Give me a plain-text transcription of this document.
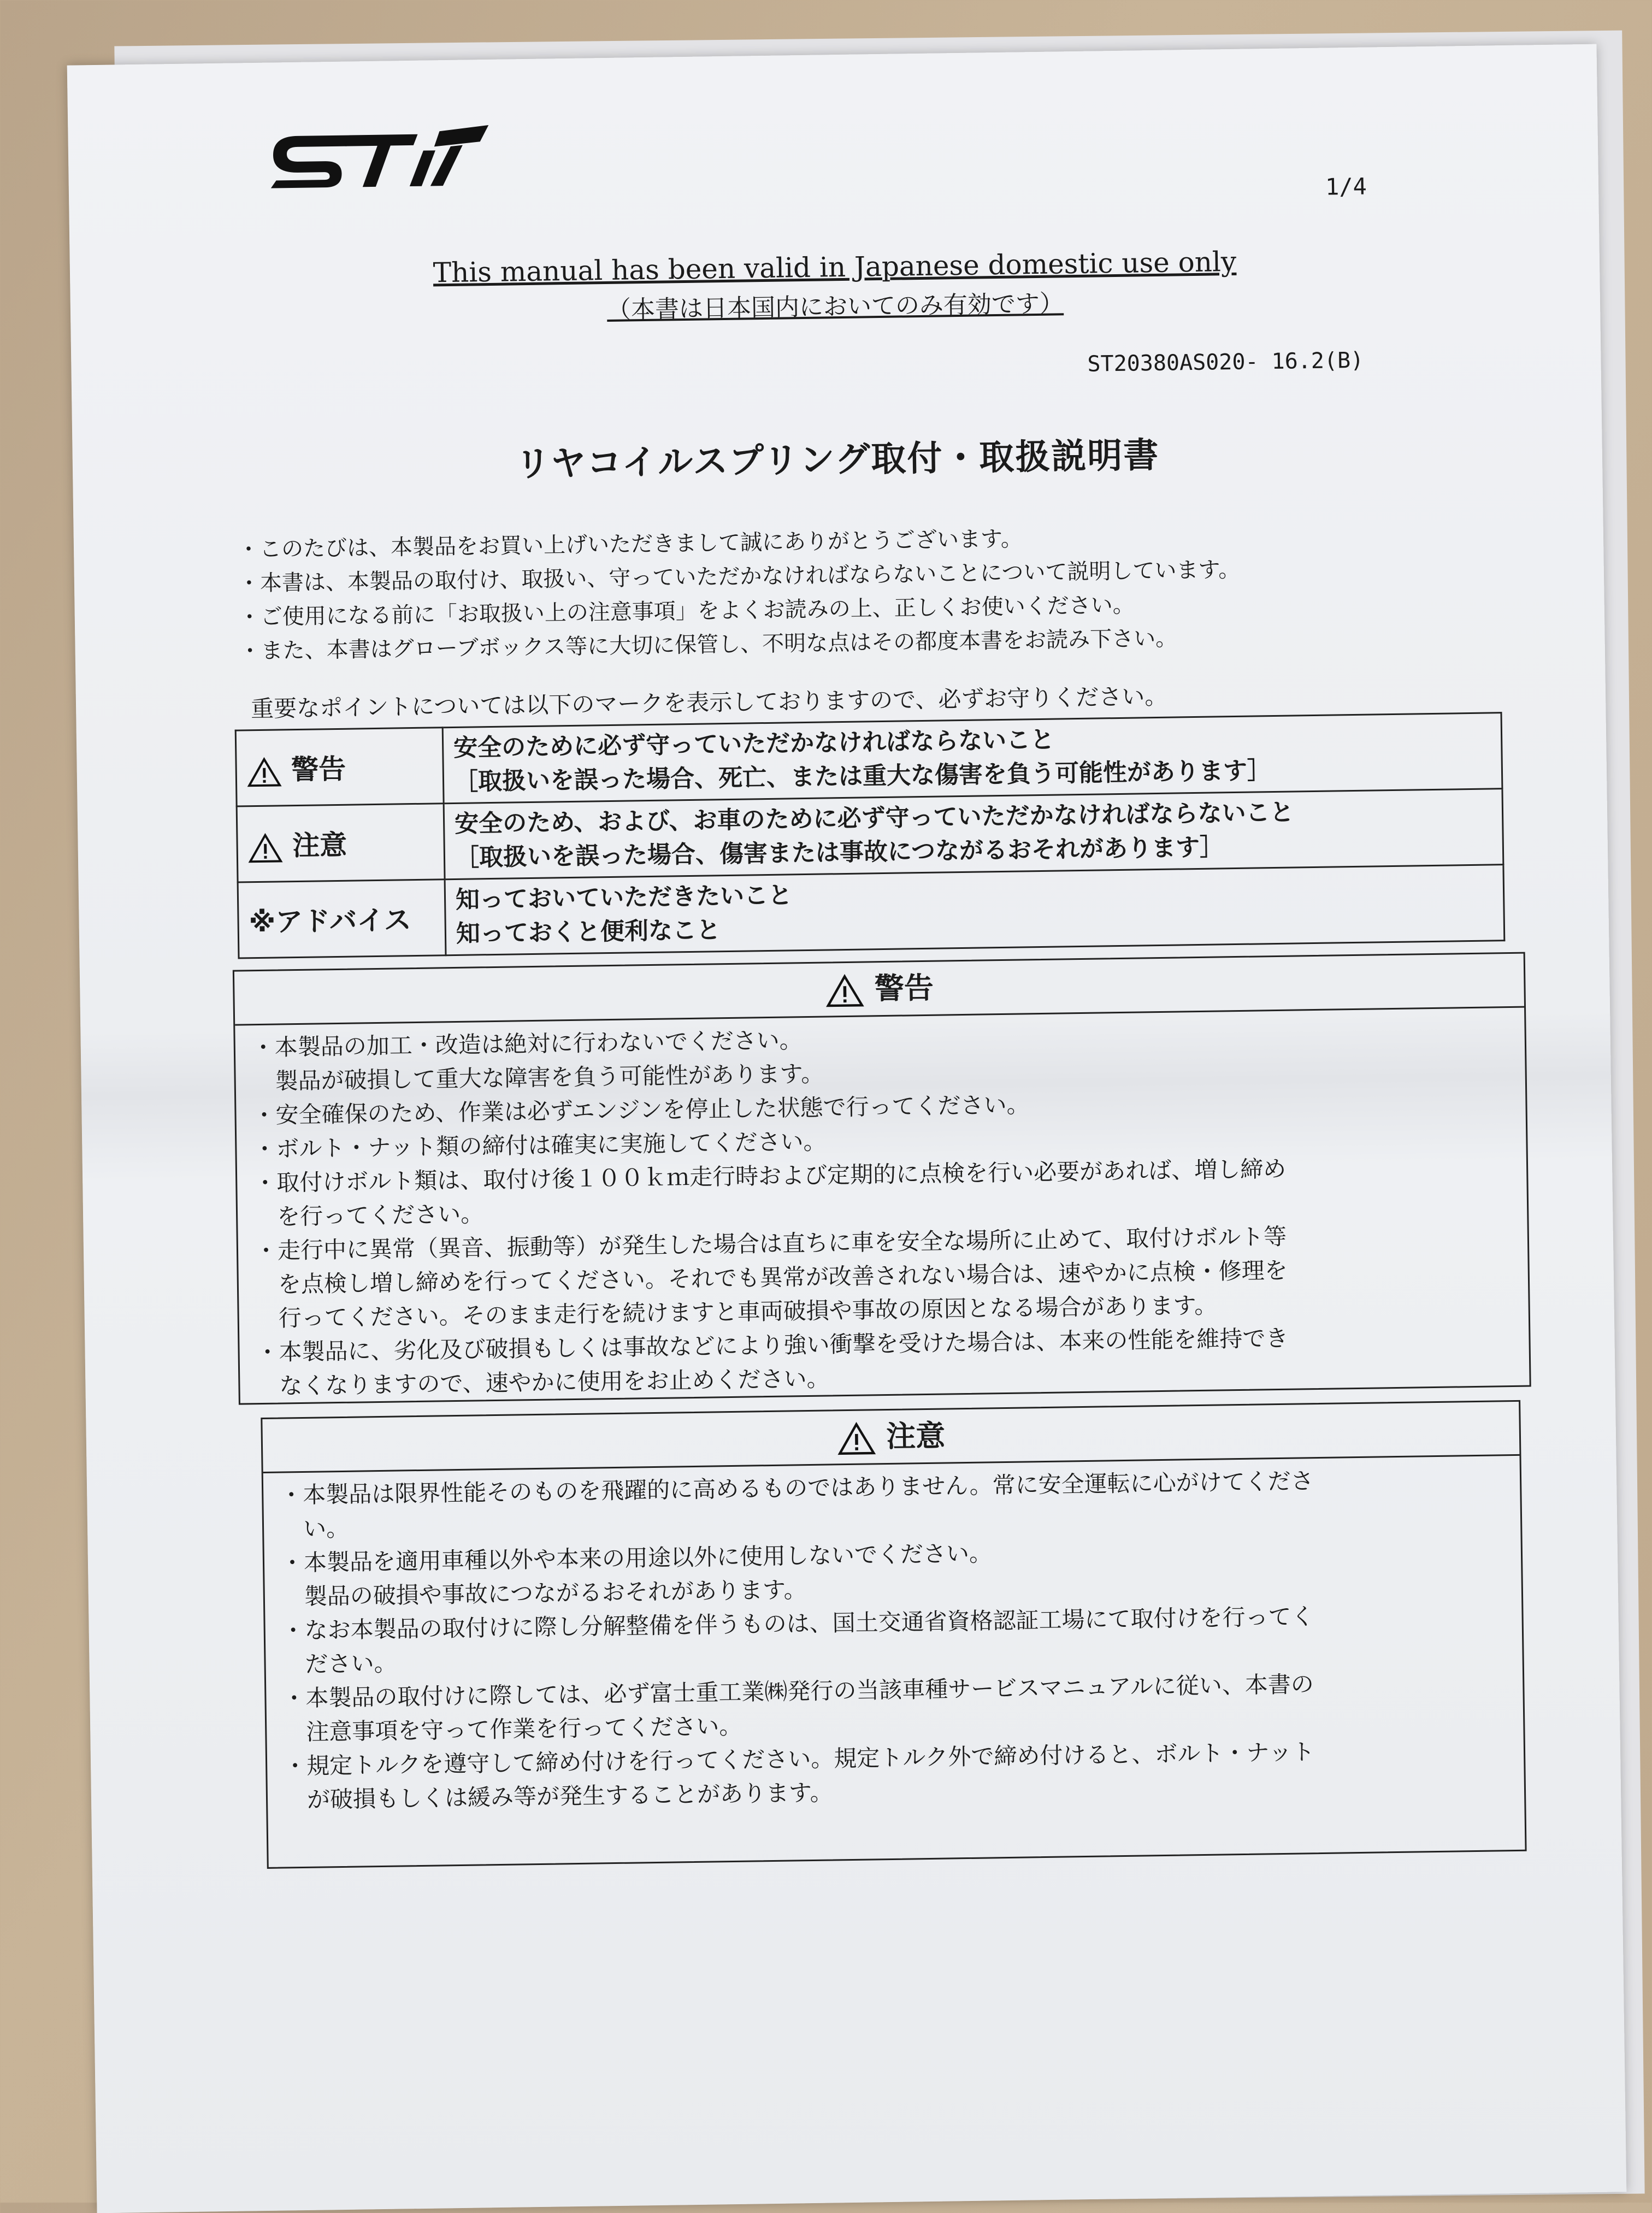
1/4
This manual has been valid in Japanese domestic use only
（本書は日本国内においてのみ有効です）
ST20380AS020- 16.2(B)
リヤコイルスプリング取付・取扱説明書
・このたびは、本製品をお買い上げいただきまして誠にありがとうございます。
・本書は、本製品の取付け、取扱い、守っていただかなければならないことについて説明しています。
・ご使用になる前に「お取扱い上の注意事項」をよくお読みの上、正しくお使いください。
・また、本書はグローブボックス等に大切に保管し、不明な点はその都度本書をお読み下さい。
重要なポイントについては以下のマークを表示しておりますので、必ずお守りください。
警告	安全のために必ず守っていただかなければならないこと
［取扱いを誤った場合、死亡、または重大な傷害を負う可能性があります］

注意	安全のため、および、お車のために必ず守っていただかなければならないこと
［取扱いを誤った場合、傷害または事故につながるおそれがあります］

※アドバイス	知っておいていただきたいこと
知っておくと便利なこと
警告
・本製品の加工・改造は絶対に行わないでください。
　製品が破損して重大な障害を負う可能性があります。
・安全確保のため、作業は必ずエンジンを停止した状態で行ってください。
・ボルト・ナット類の締付は確実に実施してください。
・取付けボルト類は、取付け後１００ｋｍ走行時および定期的に点検を行い必要があれば、増し締め
　を行ってください。
・走行中に異常（異音、振動等）が発生した場合は直ちに車を安全な場所に止めて、取付けボルト等
　を点検し増し締めを行ってください。それでも異常が改善されない場合は、速やかに点検・修理を
　行ってください。そのまま走行を続けますと車両破損や事故の原因となる場合があります。
・本製品に、劣化及び破損もしくは事故などにより強い衝撃を受けた場合は、本来の性能を維持でき
　なくなりますので、速やかに使用をお止めください。
注意
・本製品は限界性能そのものを飛躍的に高めるものではありません。常に安全運転に心がけてくださ
　い。
・本製品を適用車種以外や本来の用途以外に使用しないでください。
　製品の破損や事故につながるおそれがあります。
・なお本製品の取付けに際し分解整備を伴うものは、国土交通省資格認証工場にて取付けを行ってく
　ださい。
・本製品の取付けに際しては、必ず富士重工業㈱発行の当該車種サービスマニュアルに従い、本書の
　注意事項を守って作業を行ってください。
・規定トルクを遵守して締め付けを行ってください。規定トルク外で締め付けると、ボルト・ナット
　が破損もしくは緩み等が発生することがあります。
